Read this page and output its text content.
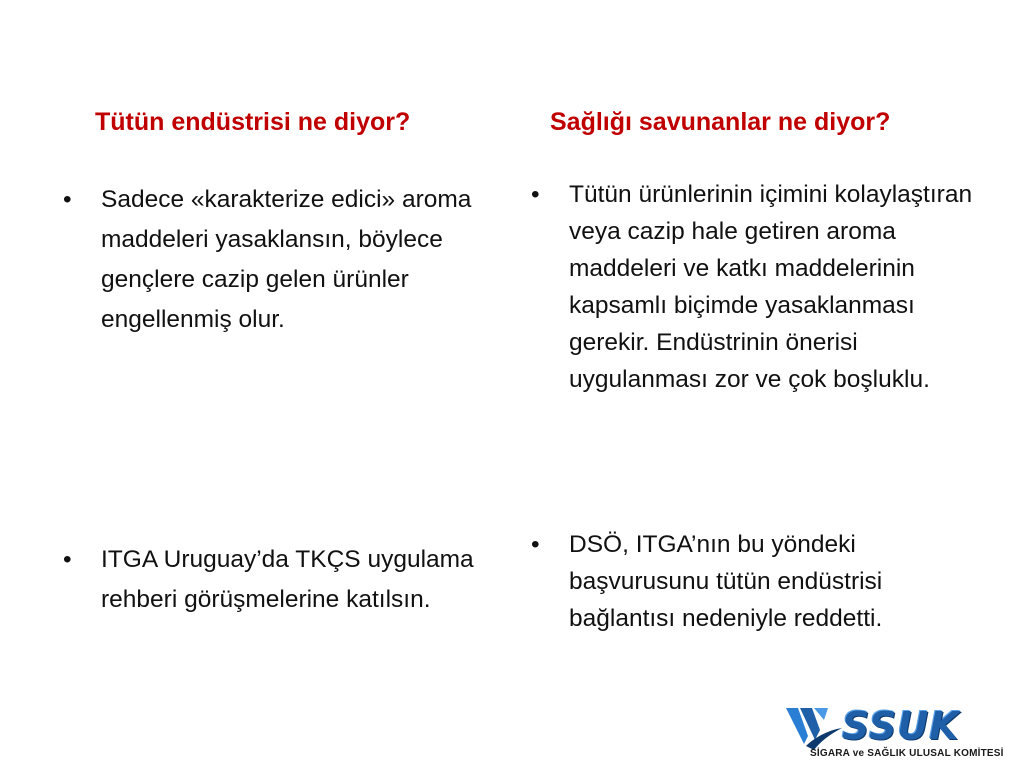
Tütün endüstrisi ne diyor?	Sağlığı savunanlar ne diyor?
• Sadece «karakterize edici» aroma maddeleri yasaklansın, böylece gençlere cazip gelen ürünler engellenmiş olur.
• ITGA Uruguay’da TKÇS uygulama rehberi görüşmelerine katılsın.
• Tütün ürünlerinin içimini kolaylaştıran veya cazip hale getiren aroma maddeleri ve katkı maddelerinin kapsamlı biçimde yasaklanması gerekir. Endüstrinin önerisi uygulanması zor ve çok boşluklu.
• DSÖ, ITGA’nın bu yöndeki başvurusunu tütün endüstrisi bağlantısı nedeniyle reddetti.
SSUK
SİGARA ve SAĞLIK ULUSAL KOMİTESİ
